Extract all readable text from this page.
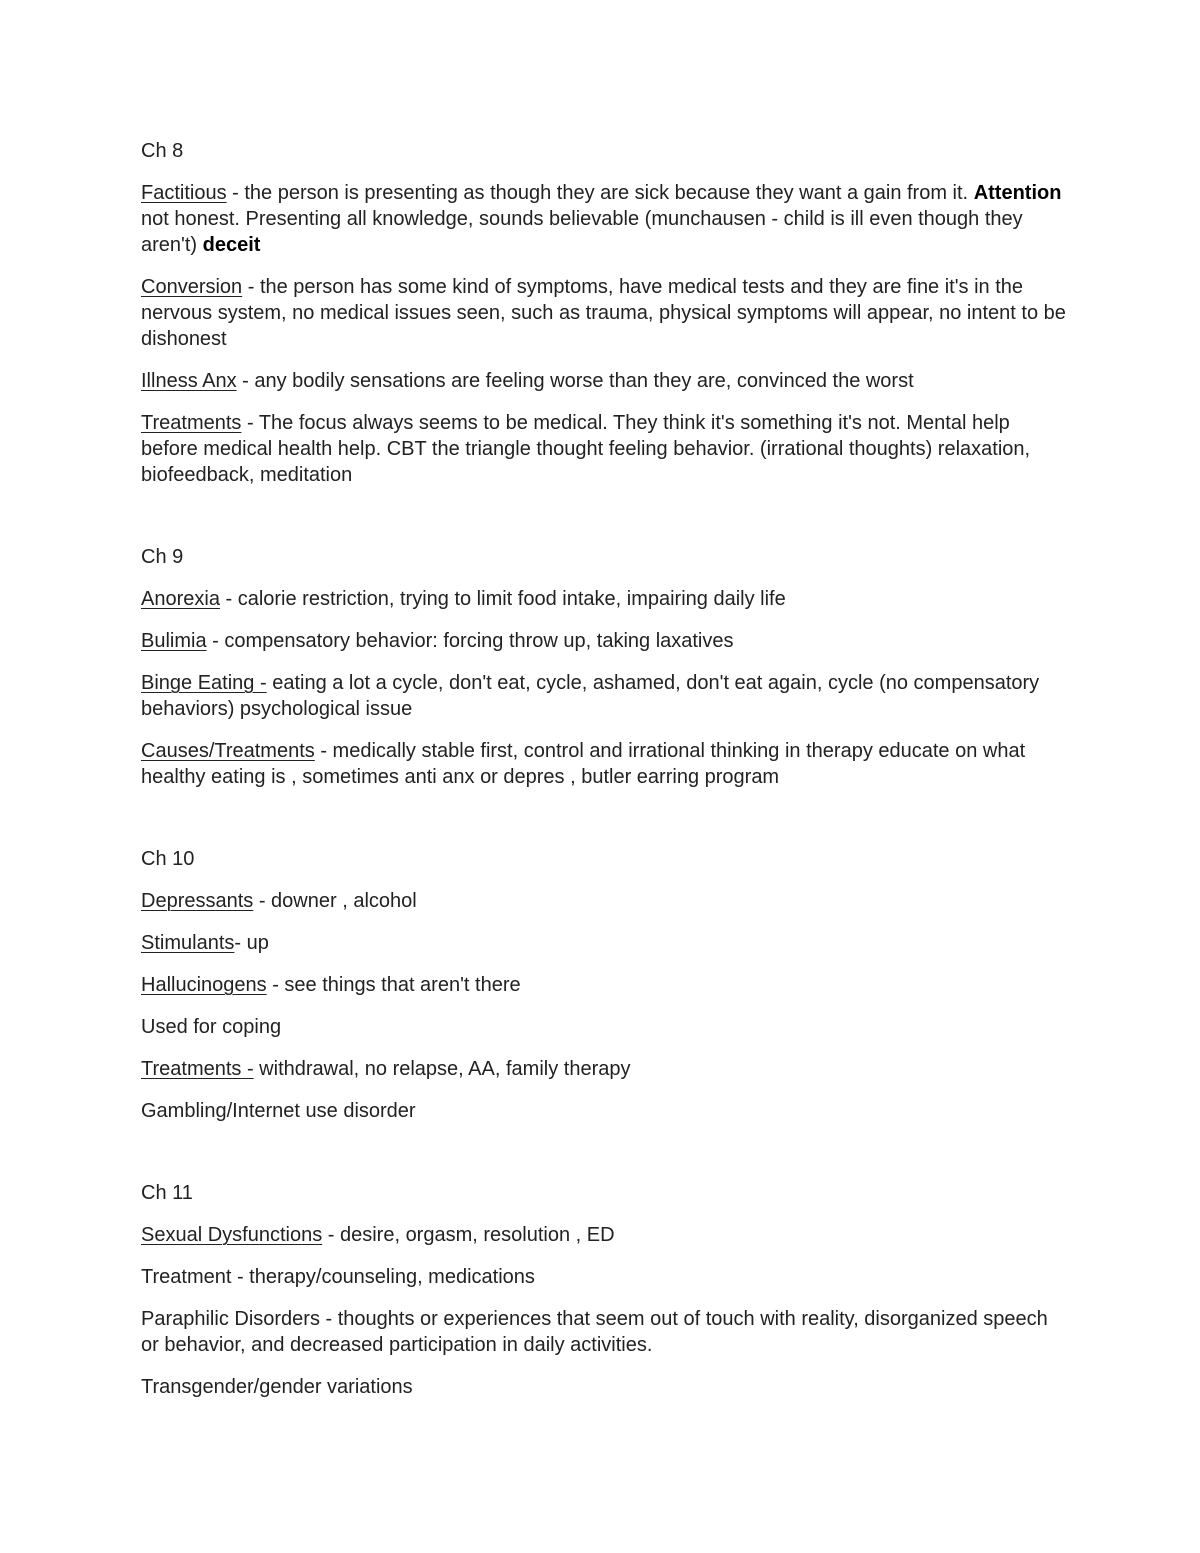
Ch 8

Factitious - the person is presenting as though they are sick because they want a gain from it. Attention not honest. Presenting all knowledge, sounds believable (munchausen - child is ill even though they aren't) deceit

Conversion - the person has some kind of symptoms, have medical tests and they are fine it's in the nervous system, no medical issues seen, such as trauma, physical symptoms will appear, no intent to be dishonest

Illness Anx - any bodily sensations are feeling worse than they are, convinced the worst

Treatments - The focus always seems to be medical. They think it's something it's not. Mental help before medical health help. CBT the triangle thought feeling behavior. (irrational thoughts) relaxation, biofeedback, meditation

Ch 9

Anorexia - calorie restriction, trying to limit food intake, impairing daily life

Bulimia - compensatory behavior: forcing throw up, taking laxatives

Binge Eating - eating a lot a cycle, don't eat, cycle, ashamed, don't eat again, cycle (no compensatory behaviors) psychological issue

Causes/Treatments - medically stable first, control and irrational thinking in therapy educate on what healthy eating is , sometimes anti anx or depres , butler earring program

Ch 10

Depressants - downer , alcohol

Stimulants- up

Hallucinogens - see things that aren't there

Used for coping

Treatments - withdrawal, no relapse, AA, family therapy

Gambling/Internet use disorder

Ch 11

Sexual Dysfunctions - desire, orgasm, resolution , ED

Treatment - therapy/counseling, medications

Paraphilic Disorders - thoughts or experiences that seem out of touch with reality, disorganized speech or behavior, and decreased participation in daily activities.

Transgender/gender variations
